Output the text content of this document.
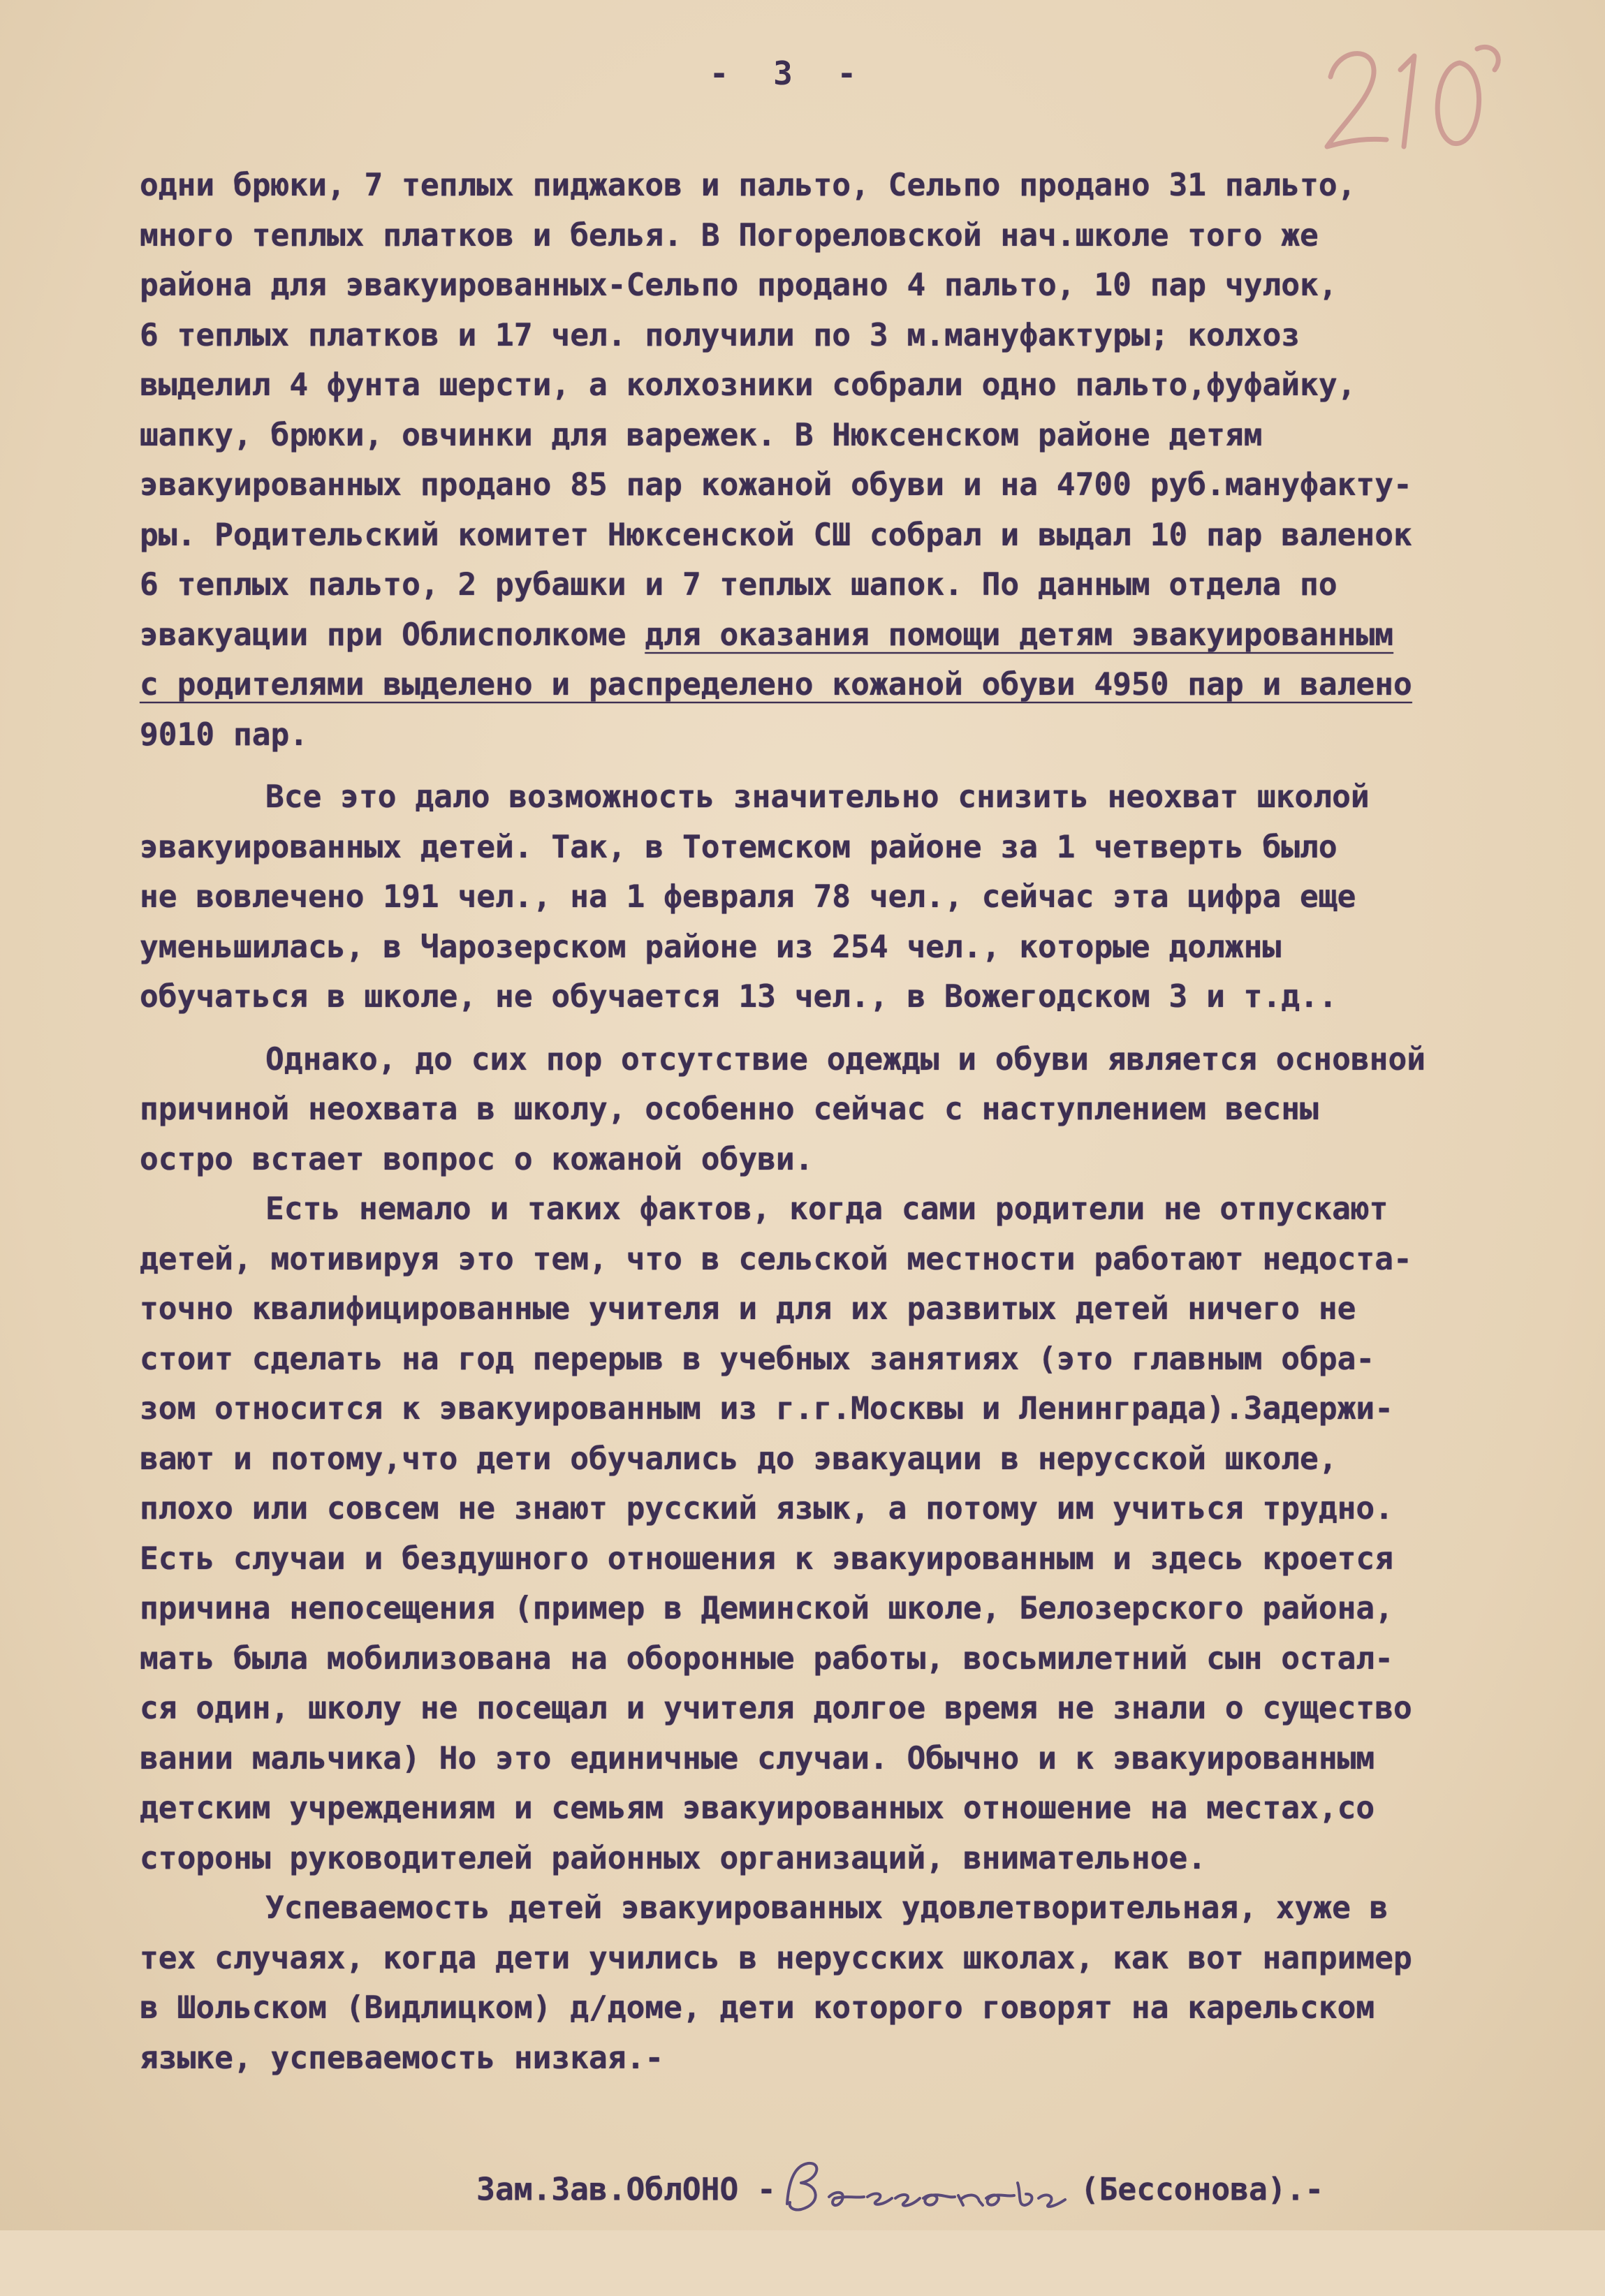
- 3 -
одни брюки, 7 теплых пиджаков и пальто, Сельпо продано 31 пальто,
много теплых платков и белья. В Погореловской нач.школе того же
района для эвакуированных-Сельпо продано 4 пальто, 10 пар чулок,
6 теплых платков и 17 чел. получили по 3 м.мануфактуры; колхоз
выделил 4 фунта шерсти, а колхозники собрали одно пальто,фуфайку,
шапку, брюки, овчинки для варежек. В Нюксенском районе детям
эвакуированных продано 85 пар кожаной обуви и на 4700 руб.мануфакту-
ры. Родительский комитет Нюксенской СШ собрал и выдал 10 пар валенок
6 теплых пальто, 2 рубашки и 7 теплых шапок. По данным отдела по
эвакуации при Облисполкоме для оказания помощи детям эвакуированным
с родителями выделено и распределено кожаной обуви 4950 пар и валено
9010 пар.
Все это дало возможность значительно снизить неохват школой
эвакуированных детей. Так, в Тотемском районе за 1 четверть было
не вовлечено 191 чел., на 1 февраля 78 чел., сейчас эта цифра еще
уменьшилась, в Чарозерском районе из 254 чел., которые должны
обучаться в школе, не обучается 13 чел., в Вожегодском 3 и т.д..
Однако, до сих пор отсутствие одежды и обуви является основной
причиной неохвата в школу, особенно сейчас с наступлением весны
остро встает вопрос о кожаной обуви.
Есть немало и таких фактов, когда сами родители не отпускают
детей, мотивируя это тем, что в сельской местности работают недоста-
точно квалифицированные учителя и для их развитых детей ничего не
стоит сделать на год перерыв в учебных занятиях (это главным обра-
зом относится к эвакуированным из г.г.Москвы и Ленинграда).Задержи-
вают и потому,что дети обучались до эвакуации в нерусской школе,
плохо или совсем не знают русский язык, а потому им учиться трудно.
Есть случаи и бездушного отношения к эвакуированным и здесь кроется
причина непосещения (пример в Деминской школе, Белозерского района,
мать была мобилизована на оборонные работы, восьмилетний сын остал-
ся один, школу не посещал и учителя долгое время не знали о существо
вании мальчика) Но это единичные случаи. Обычно и к эвакуированным
детским учреждениям и семьям эвакуированных отношение на местах,со
стороны руководителей районных организаций, внимательное.
Успеваемость детей эвакуированных удовлетворительная, хуже в
тех случаях, когда дети учились в нерусских школах, как вот например
в Шольском (Видлицком) д/доме, дети которого говорят на карельском
языке, успеваемость низкая.-

Зам.Зав.ОблОНО -	(Бессонова).-
